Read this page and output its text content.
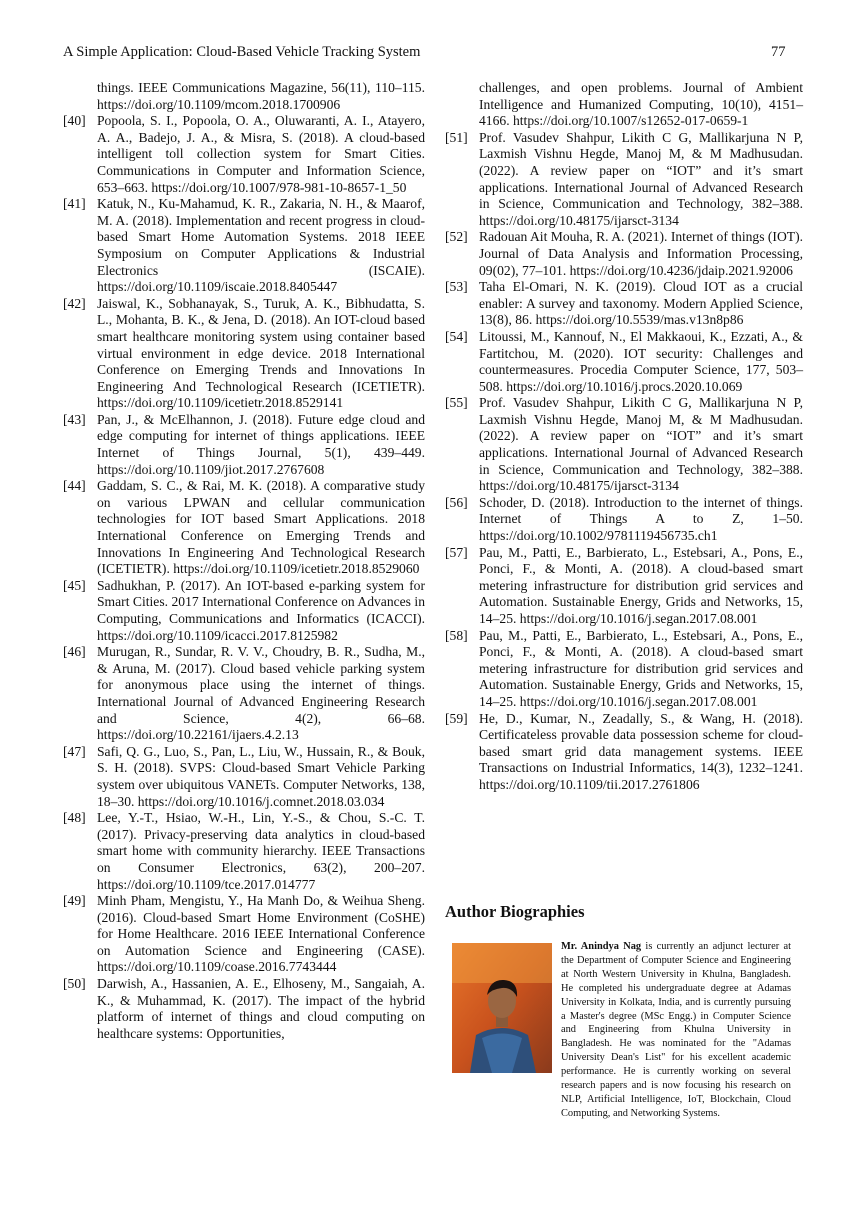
A Simple Application: Cloud-Based Vehicle Tracking System	77
things. IEEE Communications Magazine, 56(11), 110–115. https://doi.org/10.1109/mcom.2018.1700906
[40] Popoola, S. I., Popoola, O. A., Oluwaranti, A. I., Atayero, A. A., Badejo, J. A., & Misra, S. (2018). A cloud-based intelligent toll collection system for Smart Cities. Communications in Computer and Information Science, 653–663. https://doi.org/10.1007/978-981-10-8657-1_50
[41] Katuk, N., Ku-Mahamud, K. R., Zakaria, N. H., & Maarof, M. A. (2018). Implementation and recent progress in cloud-based Smart Home Automation Systems. 2018 IEEE Symposium on Computer Applications & Industrial Electronics (ISCAIE). https://doi.org/10.1109/iscaie.2018.8405447
[42] Jaiswal, K., Sobhanayak, S., Turuk, A. K., Bibhudatta, S. L., Mohanta, B. K., & Jena, D. (2018). An IOT-cloud based smart healthcare monitoring system using container based virtual environment in edge device. 2018 International Conference on Emerging Trends and Innovations In Engineering And Technological Research (ICETIETR). https://doi.org/10.1109/icetietr.2018.8529141
[43] Pan, J., & McElhannon, J. (2018). Future edge cloud and edge computing for internet of things applications. IEEE Internet of Things Journal, 5(1), 439–449. https://doi.org/10.1109/jiot.2017.2767608
[44] Gaddam, S. C., & Rai, M. K. (2018). A comparative study on various LPWAN and cellular communication technologies for IOT based Smart Applications. 2018 International Conference on Emerging Trends and Innovations In Engineering And Technological Research (ICETIETR). https://doi.org/10.1109/icetietr.2018.8529060
[45] Sadhukhan, P. (2017). An IOT-based e-parking system for Smart Cities. 2017 International Conference on Advances in Computing, Communications and Informatics (ICACCI). https://doi.org/10.1109/icacci.2017.8125982
[46] Murugan, R., Sundar, R. V. V., Choudry, B. R., Sudha, M., & Aruna, M. (2017). Cloud based vehicle parking system for anonymous place using the internet of things. International Journal of Advanced Engineering Research and Science, 4(2), 66–68. https://doi.org/10.22161/ijaers.4.2.13
[47] Safi, Q. G., Luo, S., Pan, L., Liu, W., Hussain, R., & Bouk, S. H. (2018). SVPS: Cloud-based Smart Vehicle Parking system over ubiquitous VANETs. Computer Networks, 138, 18–30. https://doi.org/10.1016/j.comnet.2018.03.034
[48] Lee, Y.-T., Hsiao, W.-H., Lin, Y.-S., & Chou, S.-C. T. (2017). Privacy-preserving data analytics in cloud-based smart home with community hierarchy. IEEE Transactions on Consumer Electronics, 63(2), 200–207. https://doi.org/10.1109/tce.2017.014777
[49] Minh Pham, Mengistu, Y., Ha Manh Do, & Weihua Sheng. (2016). Cloud-based Smart Home Environment (CoSHE) for Home Healthcare. 2016 IEEE International Conference on Automation Science and Engineering (CASE). https://doi.org/10.1109/coase.2016.7743444
[50] Darwish, A., Hassanien, A. E., Elhoseny, M., Sangaiah, A. K., & Muhammad, K. (2017). The impact of the hybrid platform of internet of things and cloud computing on healthcare systems: Opportunities,
challenges, and open problems. Journal of Ambient Intelligence and Humanized Computing, 10(10), 4151–4166. https://doi.org/10.1007/s12652-017-0659-1
[51] Prof. Vasudev Shahpur, Likith C G, Mallikarjuna N P, Laxmish Vishnu Hegde, Manoj M, & M Madhusudan. (2022). A review paper on “IOT” and it’s smart applications. International Journal of Advanced Research in Science, Communication and Technology, 382–388. https://doi.org/10.48175/ijarsct-3134
[52] Radouan Ait Mouha, R. A. (2021). Internet of things (IOT). Journal of Data Analysis and Information Processing, 09(02), 77–101. https://doi.org/10.4236/jdaip.2021.92006
[53] Taha El-Omari, N. K. (2019). Cloud IOT as a crucial enabler: A survey and taxonomy. Modern Applied Science, 13(8), 86. https://doi.org/10.5539/mas.v13n8p86
[54] Litoussi, M., Kannouf, N., El Makkaoui, K., Ezzati, A., & Fartitchou, M. (2020). IOT security: Challenges and countermeasures. Procedia Computer Science, 177, 503–508. https://doi.org/10.1016/j.procs.2020.10.069
[55] Prof. Vasudev Shahpur, Likith C G, Mallikarjuna N P, Laxmish Vishnu Hegde, Manoj M, & M Madhusudan. (2022). A review paper on “IOT” and it’s smart applications. International Journal of Advanced Research in Science, Communication and Technology, 382–388. https://doi.org/10.48175/ijarsct-3134
[56] Schoder, D. (2018). Introduction to the internet of things. Internet of Things A to Z, 1–50. https://doi.org/10.1002/9781119456735.ch1
[57] Pau, M., Patti, E., Barbierato, L., Estebsari, A., Pons, E., Ponci, F., & Monti, A. (2018). A cloud-based smart metering infrastructure for distribution grid services and Automation. Sustainable Energy, Grids and Networks, 15, 14–25. https://doi.org/10.1016/j.segan.2017.08.001
[58] Pau, M., Patti, E., Barbierato, L., Estebsari, A., Pons, E., Ponci, F., & Monti, A. (2018). A cloud-based smart metering infrastructure for distribution grid services and Automation. Sustainable Energy, Grids and Networks, 15, 14–25. https://doi.org/10.1016/j.segan.2017.08.001
[59] He, D., Kumar, N., Zeadally, S., & Wang, H. (2018). Certificateless provable data possession scheme for cloud-based smart grid data management systems. IEEE Transactions on Industrial Informatics, 14(3), 1232–1241. https://doi.org/10.1109/tii.2017.2761806
Author Biographies
Mr. Anindya Nag is currently an adjunct lecturer at the Department of Computer Science and Engineering at North Western University in Khulna, Bangladesh. He completed his undergraduate degree at Adamas University in Kolkata, India, and is currently pursuing a Master's degree (MSc Engg.) in Computer Science and Engineering from Khulna University in Bangladesh. He was nominated for the "Adamas University Dean's List" for his excellent academic performance. He is currently working on several research papers and is now focusing his research on NLP, Artificial Intelligence, IoT, Blockchain, Cloud Computing, and Networking Systems.
